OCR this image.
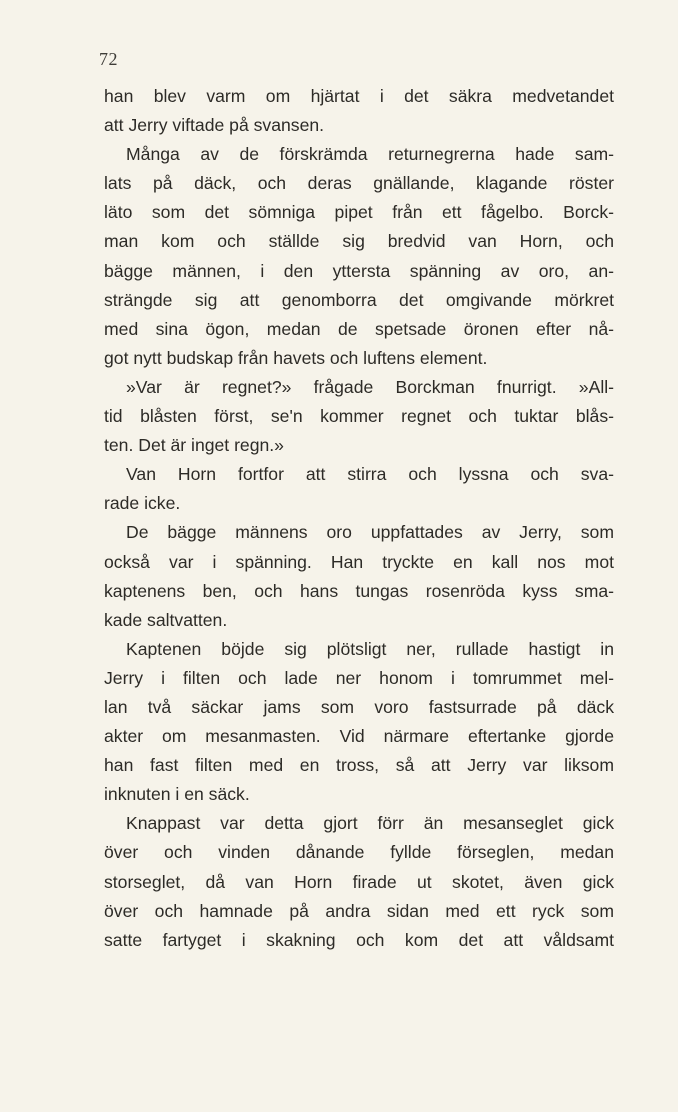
72
han blev varm om hjärtat i det säkra medvetandet
att Jerry viftade på svansen.
Många av de förskrämda returnegrerna hade sam-
lats på däck, och deras gnällande, klagande röster
läto som det sömniga pipet från ett fågelbo. Borck-
man kom och ställde sig bredvid van Horn, och
bägge männen, i den yttersta spänning av oro, an-
strängde sig att genomborra det omgivande mörkret
med sina ögon, medan de spetsade öronen efter nå-
got nytt budskap från havets och luftens element.
»Var är regnet?» frågade Borckman fnurrigt. »All-
tid blåsten först, se'n kommer regnet och tuktar blås-
ten. Det är inget regn.»
Van Horn fortfor att stirra och lyssna och sva-
rade icke.
De bägge männens oro uppfattades av Jerry, som
också var i spänning. Han tryckte en kall nos mot
kaptenens ben, och hans tungas rosenröda kyss sma-
kade saltvatten.
Kaptenen böjde sig plötsligt ner, rullade hastigt in
Jerry i filten och lade ner honom i tomrummet mel-
lan två säckar jams som voro fastsurrade på däck
akter om mesanmasten. Vid närmare eftertanke gjorde
han fast filten med en tross, så att Jerry var liksom
inknuten i en säck.
Knappast var detta gjort förr än mesanseglet gick
över och vinden dånande fyllde förseglen, medan
storseglet, då van Horn firade ut skotet, även gick
över och hamnade på andra sidan med ett ryck som
satte fartyget i skakning och kom det att våldsamt
